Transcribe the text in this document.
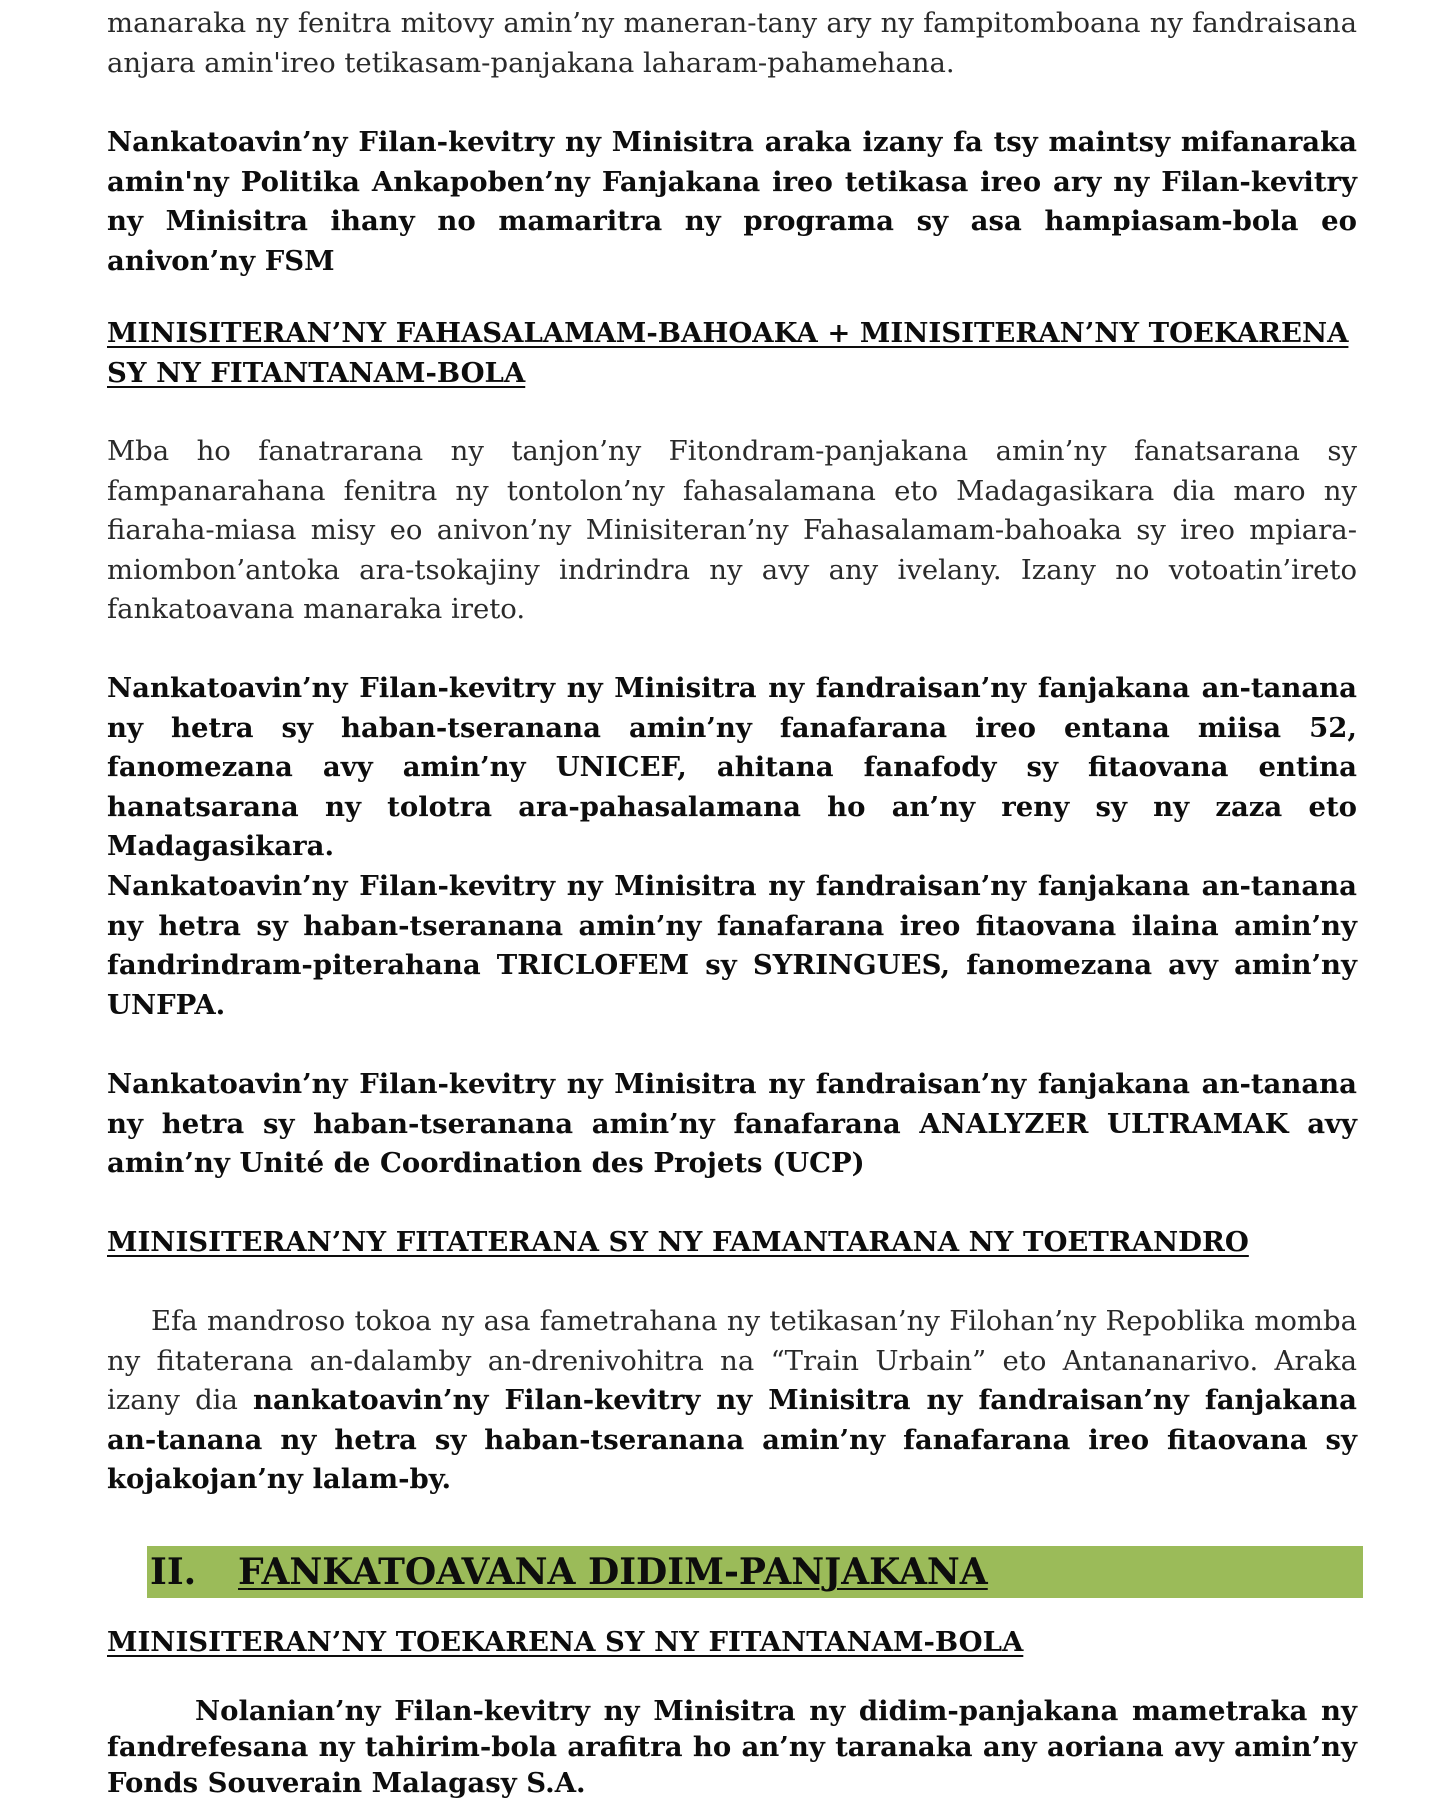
manaraka ny fenitra mitovy amin’ny maneran-tany ary ny fampitomboana ny fandraisana anjara amin'ireo tetikasam-panjakana laharam-pahamehana.

Nankatoavin’ny Filan-kevitry ny Minisitra araka izany fa tsy maintsy mifanaraka amin'ny Politika Ankapoben’ny Fanjakana ireo tetikasa ireo ary ny Filan-kevitry ny Minisitra ihany no mamaritra ny programa sy asa hampiasam-bola eo anivon’ny FSM

MINISITERAN’NY FAHASALAMAM-BAHOAKA + MINISITERAN’NY TOEKARENA SY NY FITANTANAM-BOLA

Mba ho fanatrarana ny tanjon’ny Fitondram-panjakana amin’ny fanatsarana sy fampanarahana fenitra ny tontolon’ny fahasalamana eto Madagasikara dia maro ny fiaraha-miasa misy eo anivon’ny Minisiteran’ny Fahasalamam-bahoaka sy ireo mpiara-miombon’antoka ara-tsokajiny indrindra ny avy any ivelany. Izany no votoatin’ireto fankatoavana manaraka ireto.

Nankatoavin’ny Filan-kevitry ny Minisitra ny fandraisan’ny fanjakana an-tanana ny hetra sy haban-tseranana amin’ny fanafarana ireo entana miisa 52, fanomezana avy amin’ny UNICEF, ahitana fanafody sy fitaovana entina hanatsarana ny tolotra ara-pahasalamana ho an’ny reny sy ny zaza eto Madagasikara.

Nankatoavin’ny Filan-kevitry ny Minisitra ny fandraisan’ny fanjakana an-tanana ny hetra sy haban-tseranana amin’ny fanafarana ireo fitaovana ilaina amin’ny fandrindram-piterahana TRICLOFEM sy SYRINGUES, fanomezana avy amin’ny UNFPA.

Nankatoavin’ny Filan-kevitry ny Minisitra ny fandraisan’ny fanjakana an-tanana ny hetra sy haban-tseranana amin’ny fanafarana ANALYZER ULTRAMAK avy amin’ny Unité de Coordination des Projets (UCP)

MINISITERAN’NY FITATERANA SY NY FAMANTARANA NY TOETRANDRO

Efa mandroso tokoa ny asa fametrahana ny tetikasan’ny Filohan’ny Repoblika momba ny fitaterana an-dalamby an-drenivohitra na “Train Urbain” eto Antananarivo. Araka izany dia nankatoavin’ny Filan-kevitry ny Minisitra ny fandraisan’ny fanjakana an-tanana ny hetra sy haban-tseranana amin’ny fanafarana ireo fitaovana sy kojakojan’ny lalam-by.

MINISITERAN’NY TOEKARENA SY NY FITANTANAM-BOLA

Nolanian’ny Filan-kevitry ny Minisitra ny didim-panjakana mametraka ny fandrefesana ny tahirim-bola arafitra ho an’ny taranaka any aoriana avy amin’ny Fonds Souverain Malagasy S.A.

II. FANKATOAVANA DIDIM-PANJAKANA
